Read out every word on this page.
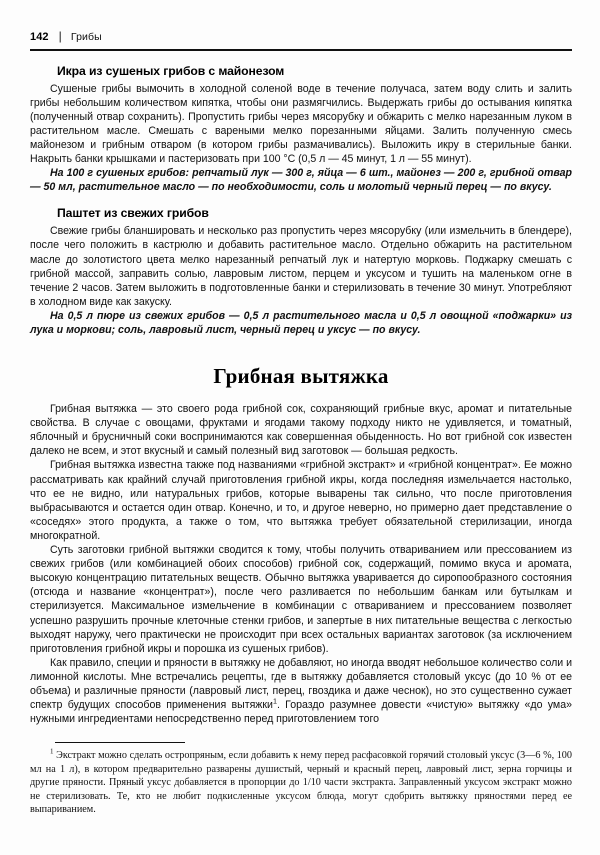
142 | Грибы
Икра из сушеных грибов с майонезом

Сушеные грибы вымочить в холодной соленой воде в течение получаса, затем воду слить и залить грибы небольшим количеством кипятка, чтобы они размягчились. Выдержать грибы до остывания кипятка (полученный отвар сохранить). Пропустить грибы через мясорубку и обжарить с мелко нарезанным луком в растительном масле. Смешать с вареными мелко порезанными яйцами. Залить полученную смесь майонезом и грибным отваром (в котором грибы размачивались). Выложить икру в стерильные банки. Накрыть банки крышками и пастеризовать при 100 °С (0,5 л — 45 минут, 1 л — 55 минут).

На 100 г сушеных грибов: репчатый лук — 300 г, яйца — 6 шт., майонез — 200 г, грибной отвар — 50 мл, растительное масло — по необходимости, соль и молотый черный перец — по вкусу.

Паштет из свежих грибов

Свежие грибы бланшировать и несколько раз пропустить через мясорубку (или измельчить в блендере), после чего положить в кастрюлю и добавить растительное масло. Отдельно обжарить на растительном масле до золотистого цвета мелко нарезанный репчатый лук и натертую морковь. Поджарку смешать с грибной массой, заправить солью, лавровым листом, перцем и уксусом и тушить на маленьком огне в течение 2 часов. Затем выложить в подготовленные банки и стерилизовать в течение 30 минут. Употребляют в холодном виде как закуску.

На 0,5 л пюре из свежих грибов — 0,5 л растительного масла и 0,5 л овощной «поджарки» из лука и моркови; соль, лавровый лист, черный перец и уксус — по вкусу.

Грибная вытяжка

Грибная вытяжка — это своего рода грибной сок, сохраняющий грибные вкус, аромат и питательные свойства. В случае с овощами, фруктами и ягодами такому подходу никто не удивляется, и томатный, яблочный и брусничный соки воспринимаются как совершенная обыденность. Но вот грибной сок известен далеко не всем, и этот вкусный и самый полезный вид заготовок — большая редкость.

Грибная вытяжка известна также под названиями «грибной экстракт» и «грибной концентрат». Ее можно рассматривать как крайний случай приготовления грибной икры, когда последняя измельчается настолько, что ее не видно, или натуральных грибов, которые выварены так сильно, что после приготовления выбрасываются и остается один отвар. Конечно, и то, и другое неверно, но примерно дает представление о «соседях» этого продукта, а также о том, что вытяжка требует обязательной стерилизации, иногда многократной.

Суть заготовки грибной вытяжки сводится к тому, чтобы получить отвариванием или прессованием из свежих грибов (или комбинацией обоих способов) грибной сок, содержащий, помимо вкуса и аромата, высокую концентрацию питательных веществ. Обычно вытяжка уваривается до сиропообразного состояния (отсюда и название «концентрат»), после чего разливается по небольшим банкам или бутылкам и стерилизуется. Максимальное измельчение в комбинации с отвариванием и прессованием позволяет успешно разрушить прочные клеточные стенки грибов, и запертые в них питательные вещества с легкостью выходят наружу, чего практически не происходит при всех остальных вариантах заготовок (за исключением приготовления грибной икры и порошка из сушеных грибов).

Как правило, специи и пряности в вытяжку не добавляют, но иногда вводят небольшое количество соли и лимонной кислоты. Мне встречались рецепты, где в вытяжку добавляется столовый уксус (до 10 % от ее объема) и различные пряности (лавровый лист, перец, гвоздика и даже чеснок), но это существенно сужает спектр будущих способов применения вытяжки$^1$. Гораздо разумнее довести «чистую» вытяжку «до ума» нужными ингредиентами непосредственно перед приготовлением того

$^1$ Экстракт можно сделать остропряным, если добавить к нему перед расфасовкой горячий столовый уксус (3—6 %, 100 мл на 1 л), в котором предварительно разварены душистый, черный и красный перец, лавровый лист, зерна горчицы и другие пряности. Пряный уксус добавляется в пропорции до 1/10 части экстракта. Заправленный уксусом экстракт можно не стерилизовать. Те, кто не любит подкисленные уксусом блюда, могут сдобрить вытяжку пряностями перед ее выпариванием.
